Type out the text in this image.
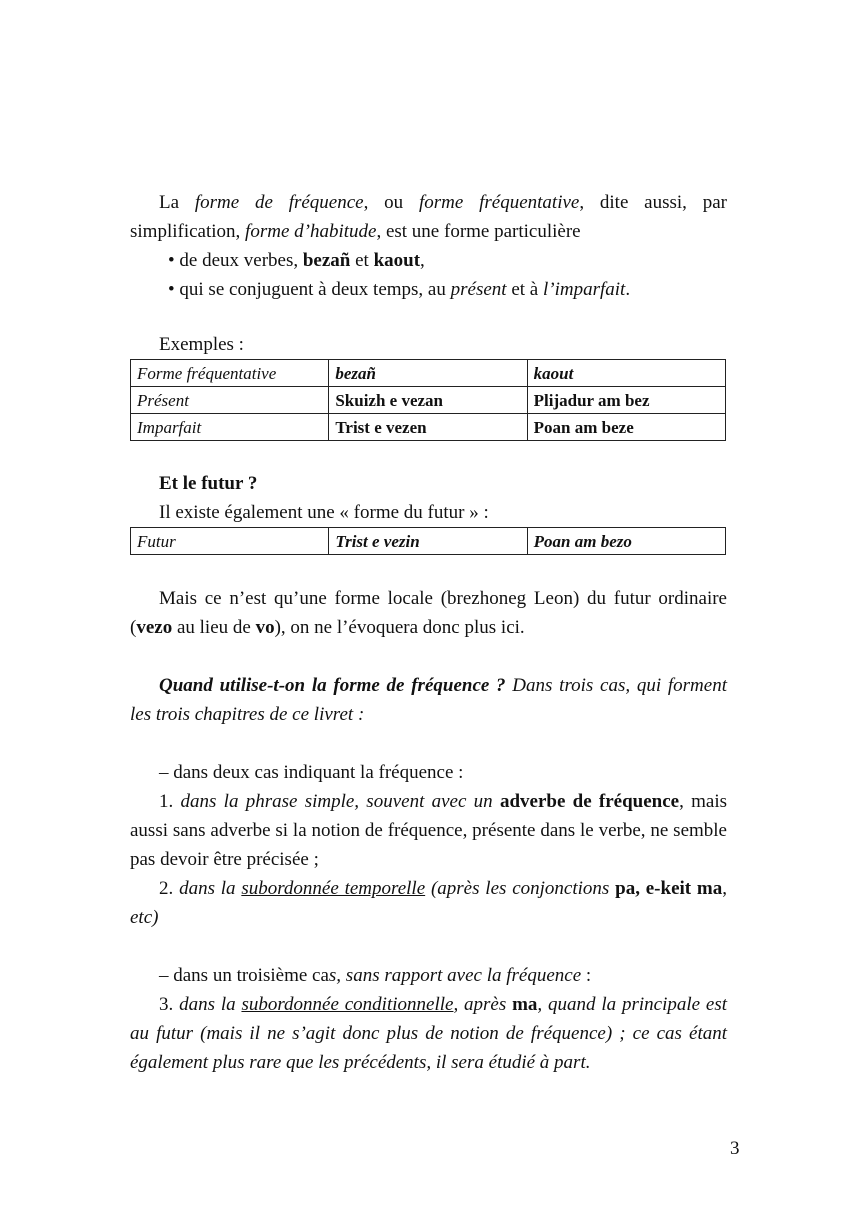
La forme de fréquence, ou forme fréquentative, dite aussi, par simplification, forme d’habitude, est une forme particulière

• de deux verbes, bezañ et kaout,

• qui se conjuguent à deux temps, au présent et à l’imparfait.

Exemples :

Forme fréquentative	bezañ	kaout
Présent	Skuizh e vezan	Plijadur am bez
Imparfait	Trist e vezen	Poan am beze

Et le futur ?

Il existe également une « forme du futur » :

Futur	Trist e vezin	Poan am bezo

Mais ce n’est qu’une forme locale (brezhoneg Leon) du futur ordinaire (vezo au lieu de vo), on ne l’évoquera donc plus ici.

Quand utilise-t-on la forme de fréquence ? Dans trois cas, qui forment les trois chapitres de ce livret :

– dans deux cas indiquant la fréquence :

1. dans la phrase simple, souvent avec un adverbe de fréquence, mais aussi sans adverbe si la notion de fréquence, présente dans le verbe, ne semble pas devoir être précisée ;

2. dans la subordonnée temporelle (après les conjonctions pa, e-keit ma, etc)

– dans un troisième cas, sans rapport avec la fréquence :

3. dans la subordonnée conditionnelle, après ma, quand la principale est au futur (mais il ne s’agit donc plus de notion de fréquence) ; ce cas étant également plus rare que les précédents, il sera étudié à part.

3
